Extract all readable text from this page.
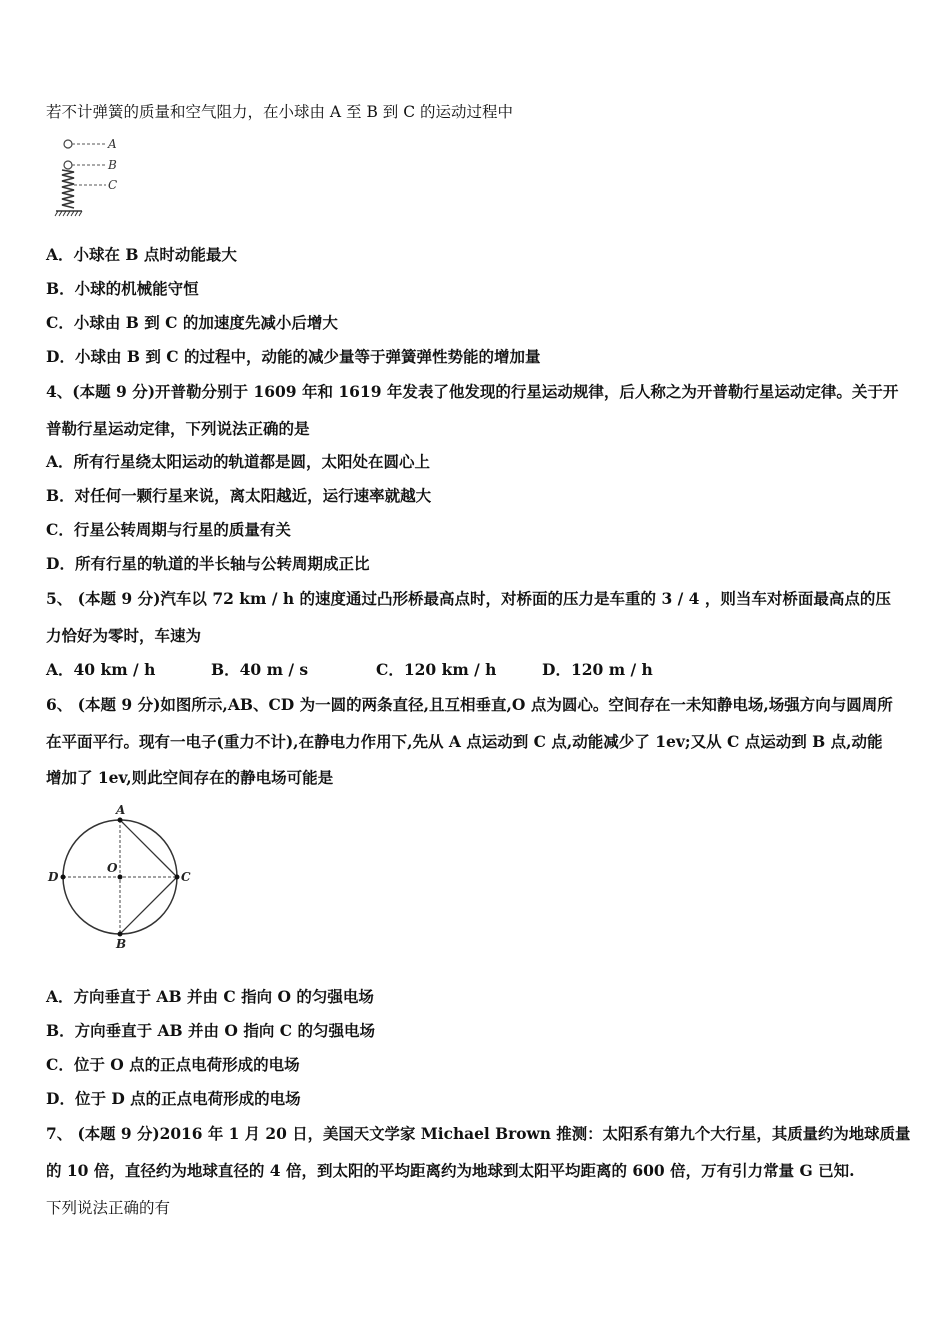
若不计弹簧的质量和空气阻力，在小球由 A 至 B 到 C 的运动过程中
A
B
C
A．小球在 B 点时动能最大
B．小球的机械能守恒
C．小球由 B 到 C 的加速度先减小后增大
D．小球由 B 到 C 的过程中，动能的减少量等于弹簧弹性势能的增加量
4、(本题 9 分)开普勒分别于 1609 年和 1619 年发表了他发现的行星运动规律，后人称之为开普勒行星运动定律。关于开
普勒行星运动定律，下列说法正确的是
A．所有行星绕太阳运动的轨道都是圆，太阳处在圆心上
B．对任何一颗行星来说，离太阳越近，运行速率就越大
C．行星公转周期与行星的质量有关
D．所有行星的轨道的半长轴与公转周期成正比
5、 (本题 9 分)汽车以 72 km / h 的速度通过凸形桥最高点时，对桥面的压力是车重的 3 / 4 ，则当车对桥面最高点的压
力恰好为零时，车速为
A．40 km / h	B．40 m / s	C．120 km / h	D．120 m / h
6、 (本题 9 分)如图所示,AB、CD 为一圆的两条直径,且互相垂直,O 点为圆心。空间存在一未知静电场,场强方向与圆周所
在平面平行。现有一电子(重力不计),在静电力作用下,先从 A 点运动到 C 点,动能减少了 1ev;又从 C 点运动到 B 点,动能
增加了 1ev,则此空间存在的静电场可能是
A
B
C
D
O
A．方向垂直于 AB 并由 C 指向 O 的匀强电场
B．方向垂直于 AB 并由 O 指向 C 的匀强电场
C．位于 O 点的正点电荷形成的电场
D．位于 D 点的正点电荷形成的电场
7、 (本题 9 分)2016 年 1 月 20 日，美国天文学家 Michael Brown 推测：太阳系有第九个大行星，其质量约为地球质量
的 10 倍，直径约为地球直径的 4 倍，到太阳的平均距离约为地球到太阳平均距离的 600 倍，万有引力常量 G 已知.
下列说法正确的有
